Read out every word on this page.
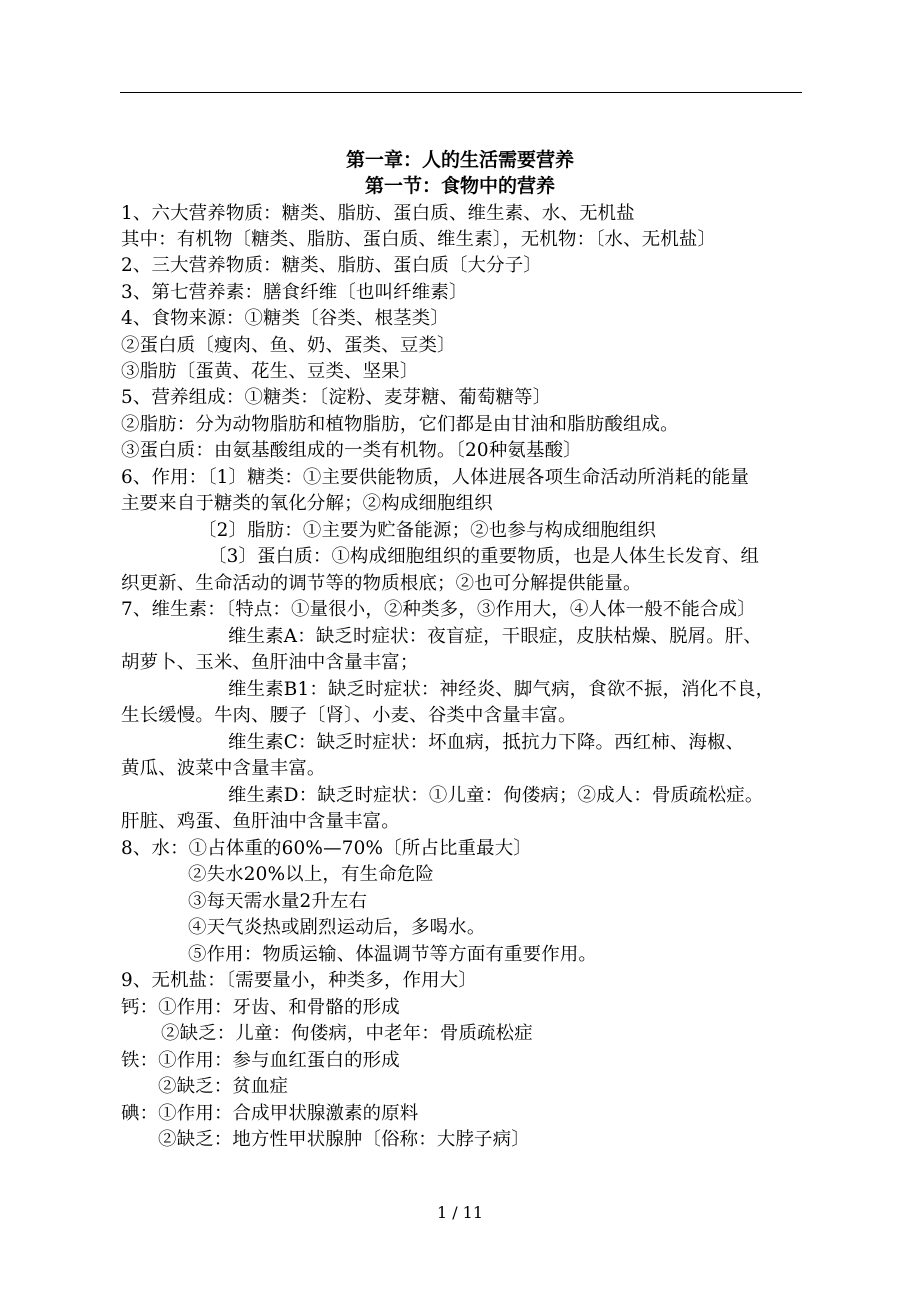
第一章：人的生活需要营养
第一节：食物中的营养
1、六大营养物质：糖类、脂肪、蛋白质、维生素、水、无机盐
其中：有机物〔糖类、脂肪、蛋白质、维生素〕，无机物：〔水、无机盐〕
2、三大营养物质：糖类、脂肪、蛋白质〔大分子〕
3、第七营养素：膳食纤维〔也叫纤维素〕
4、食物来源：①糖类〔谷类、根茎类〕
②蛋白质〔瘦肉、鱼、奶、蛋类、豆类〕
③脂肪〔蛋黄、花生、豆类、坚果〕
5、营养组成：①糖类：〔淀粉、麦芽糖、葡萄糖等〕
②脂肪：分为动物脂肪和植物脂肪，它们都是由甘油和脂肪酸组成。
③蛋白质：由氨基酸组成的一类有机物。〔20种氨基酸〕
6、作用：〔1〕糖类：①主要供能物质，人体进展各项生命活动所消耗的能量
主要来自于糖类的氧化分解；②构成细胞组织
〔2〕脂肪：①主要为贮备能源；②也参与构成细胞组织
〔3〕蛋白质：①构成细胞组织的重要物质，也是人体生长发育、组
织更新、生命活动的调节等的物质根底；②也可分解提供能量。
7、维生素：〔特点：①量很小，②种类多，③作用大，④人体一般不能合成〕
维生素A：缺乏时症状：夜盲症，干眼症，皮肤枯燥、脱屑。肝、
胡萝卜、玉米、鱼肝油中含量丰富；
维生素B1：缺乏时症状：神经炎、脚气病，食欲不振，消化不良，
生长缓慢。牛肉、腰子〔肾〕、小麦、谷类中含量丰富。
维生素C：缺乏时症状：坏血病，抵抗力下降。西红柿、海椒、
黄瓜、波菜中含量丰富。
维生素D：缺乏时症状：①儿童：佝偻病；②成人：骨质疏松症。
肝脏、鸡蛋、鱼肝油中含量丰富。
8、水：①占体重的60%—70%〔所占比重最大〕
②失水20%以上，有生命危险
③每天需水量2升左右
④天气炎热或剧烈运动后，多喝水。
⑤作用：物质运输、体温调节等方面有重要作用。
9、无机盐：〔需要量小，种类多，作用大〕
钙：①作用：牙齿、和骨骼的形成
②缺乏：儿童：佝偻病，中老年：骨质疏松症
铁：①作用：参与血红蛋白的形成
②缺乏：贫血症
碘：①作用：合成甲状腺激素的原料
②缺乏：地方性甲状腺肿〔俗称：大脖子病〕
1 / 11
